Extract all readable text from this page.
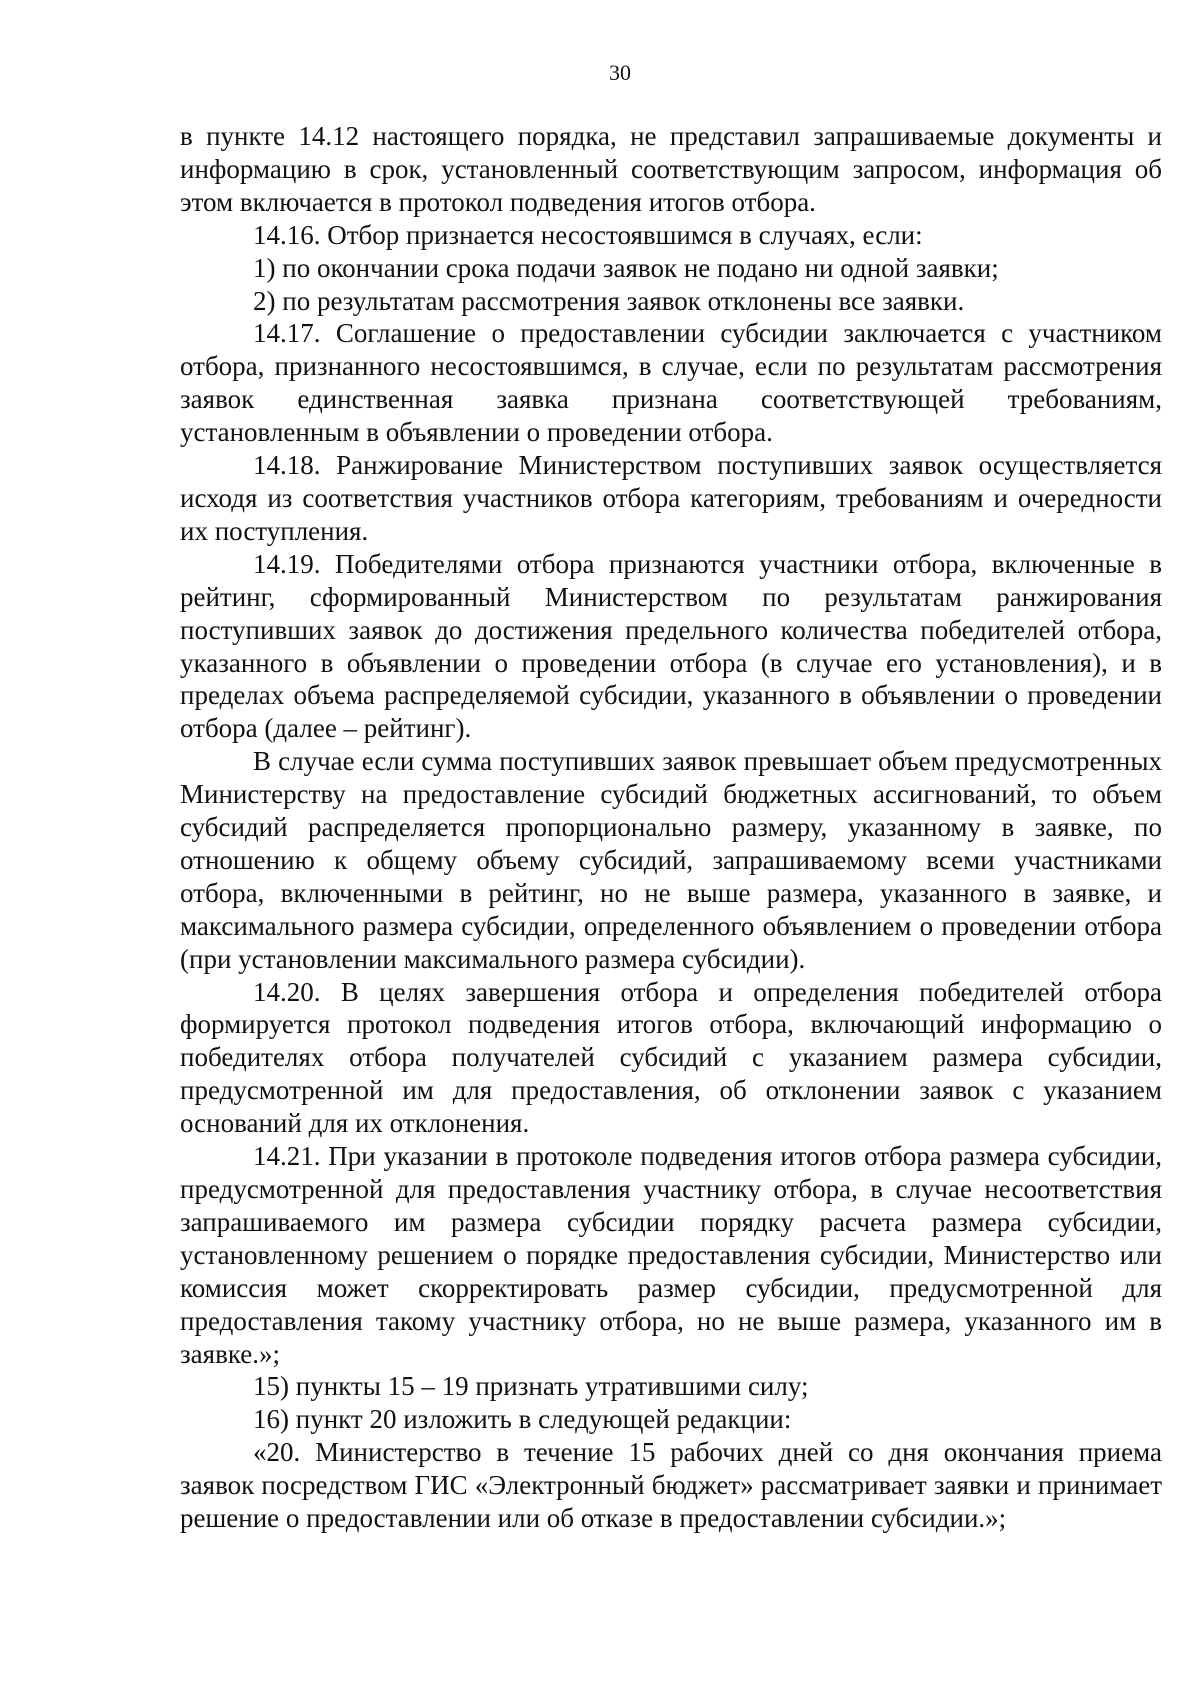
30

в пункте 14.12 настоящего порядка, не представил запрашиваемые документы и информацию в срок, установленный соответствующим запросом, информация об этом включается в протокол подведения итогов отбора.

14.16. Отбор признается несостоявшимся в случаях, если:

1) по окончании срока подачи заявок не подано ни одной заявки;

2) по результатам рассмотрения заявок отклонены все заявки.

14.17. Соглашение о предоставлении субсидии заключается с участником отбора, признанного несостоявшимся, в случае, если по результатам рассмотрения заявок единственная заявка признана соответствующей требованиям, установленным в объявлении о проведении отбора.

14.18. Ранжирование Министерством поступивших заявок осуществляется исходя из соответствия участников отбора категориям, требованиям и очередности их поступления.

14.19. Победителями отбора признаются участники отбора, включенные в рейтинг, сформированный Министерством по результатам ранжирования поступивших заявок до достижения предельного количества победителей отбора, указанного в объявлении о проведении отбора (в случае его установления), и в пределах объема распределяемой субсидии, указанного в объявлении о проведении отбора (далее – рейтинг).

В случае если сумма поступивших заявок превышает объем предусмотренных Министерству на предоставление субсидий бюджетных ассигнований, то объем субсидий распределяется пропорционально размеру, указанному в заявке, по отношению к общему объему субсидий, запрашиваемому всеми участниками отбора, включенными в рейтинг, но не выше размера, указанного в заявке, и максимального размера субсидии, определенного объявлением о проведении отбора (при установлении максимального размера субсидии).

14.20. В целях завершения отбора и определения победителей отбора формируется протокол подведения итогов отбора, включающий информацию о победителях отбора получателей субсидий с указанием размера субсидии, предусмотренной им для предоставления, об отклонении заявок с указанием оснований для их отклонения.

14.21. При указании в протоколе подведения итогов отбора размера субсидии, предусмотренной для предоставления участнику отбора, в случае несоответствия запрашиваемого им размера субсидии порядку расчета размера субсидии, установленному решением о порядке предоставления субсидии, Министерство или комиссия может скорректировать размер субсидии, предусмотренной для предоставления такому участнику отбора, но не выше размера, указанного им в заявке.»;

15) пункты 15 – 19 признать утратившими силу;

16) пункт 20 изложить в следующей редакции:

«20. Министерство в течение 15 рабочих дней со дня окончания приема заявок посредством ГИС «Электронный бюджет» рассматривает заявки и принимает решение о предоставлении или об отказе в предоставлении субсидии.»;
